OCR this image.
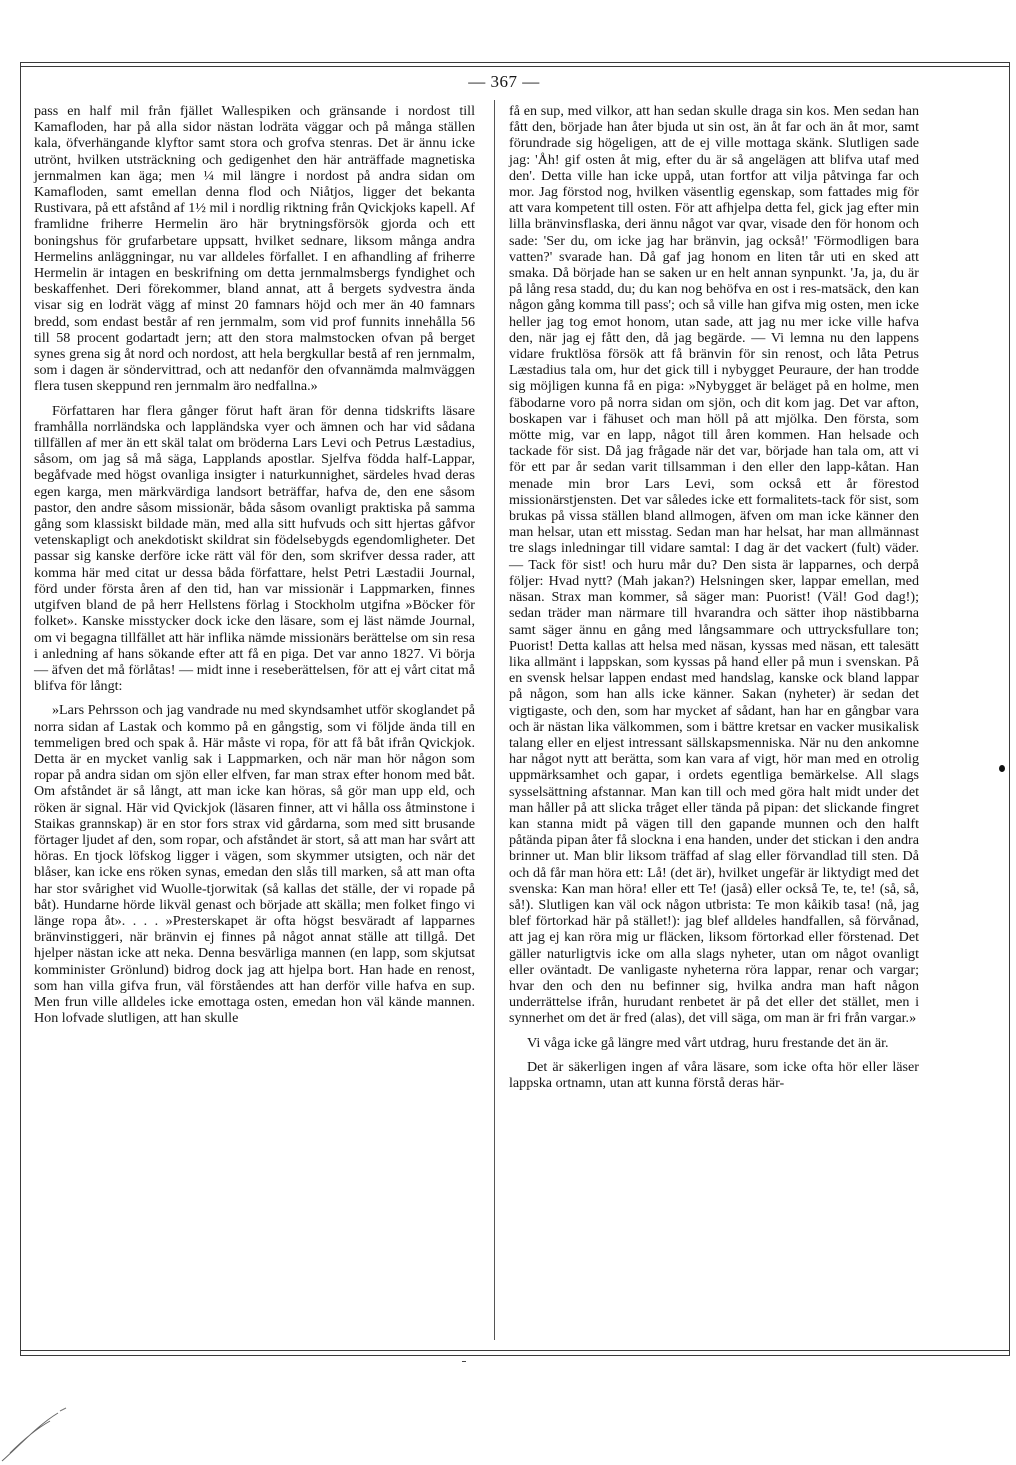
— 367 —

pass en half mil från fjället Wallespiken och gränsande i nordost till Kamafloden, har på alla sidor nästan lodräta väggar och på många ställen kala, öfverhängande klyftor samt stora och grofva stenras. Det är ännu icke utrönt, hvilken utsträckning och gedigenhet den här anträffade magnetiska jernmalmen kan äga; men ¼ mil längre i nordost på andra sidan om Kamafloden, samt emellan denna flod och Niåtjos, ligger det bekanta Rustivara, på ett afstånd af 1½ mil i nordlig riktning från Qvickjoks kapell. Af framlidne friherre Hermelin äro här brytningsförsök gjorda och ett boningshus för grufarbetare uppsatt, hvilket sednare, liksom många andra Hermelins anläggningar, nu var alldeles förfallet. I en afhandling af friherre Hermelin är intagen en beskrifning om detta jernmalmsbergs fyndighet och beskaffenhet. Deri förekommer, bland annat, att å bergets sydvestra ända visar sig en lodrät vägg af minst 20 famnars höjd och mer än 40 famnars bredd, som endast består af ren jernmalm, som vid prof funnits innehålla 56 till 58 procent godartadt jern; att den stora malmstocken ofvan på berget synes grena sig åt nord och nordost, att hela bergkullar bestå af ren jernmalm, som i dagen är söndervittrad, och att nedanför den ofvannämda malmväggen flera tusen skeppund ren jernmalm äro nedfallna.»

Författaren har flera gånger förut haft äran för denna tidskrifts läsare framhålla norrländska och lappländska vyer och ämnen och har vid sådana tillfällen af mer än ett skäl talat om bröderna Lars Levi och Petrus Læstadius, såsom, om jag så må säga, Lapplands apostlar. Sjelfva födda half-Lappar, begåfvade med högst ovanliga insigter i naturkunnighet, särdeles hvad deras egen karga, men märkvärdiga landsort beträffar, hafva de, den ene såsom pastor, den andre såsom missionär, båda såsom ovanligt praktiska på samma gång som klassiskt bildade män, med alla sitt hufvuds och sitt hjertas gåfvor vetenskapligt och anekdotiskt skildrat sin födelsebygds egendomligheter. Det passar sig kanske derföre icke rätt väl för den, som skrifver dessa rader, att komma här med citat ur dessa båda författare, helst Petri Læstadii Journal, förd under första åren af den tid, han var missionär i Lappmarken, finnes utgifven bland de på herr Hellstens förlag i Stockholm utgifna »Böcker för folket». Kanske misstycker dock icke den läsare, som ej läst nämde Journal, om vi begagna tillfället att här inflika nämde missionärs berättelse om sin resa i anledning af hans sökande efter att få en piga. Det var anno 1827. Vi börja — äfven det må förlåtas! — midt inne i reseberättelsen, för att ej vårt citat må blifva för långt:

»Lars Pehrsson och jag vandrade nu med skyndsamhet utför skoglandet på norra sidan af Lastak och kommo på en gångstig, som vi följde ända till en temmeligen bred och spak å. Här måste vi ropa, för att få båt ifrån Qvickjok. Detta är en mycket vanlig sak i Lappmarken, och när man hör någon som ropar på andra sidan om sjön eller elfven, far man strax efter honom med båt. Om afståndet är så långt, att man icke kan höras, så gör man upp eld, och röken är signal. Här vid Qvickjok (läsaren finner, att vi hålla oss åtminstone i Staikas grannskap) är en stor fors strax vid gårdarna, som med sitt brusande förtager ljudet af den, som ropar, och afståndet är stort, så att man har svårt att höras. En tjock löfskog ligger i vägen, som skymmer utsigten, och när det blåser, kan icke ens röken synas, emedan den slås till marken, så att man ofta har stor svårighet vid Wuolle-tjorwitak (så kallas det ställe, der vi ropade på båt). Hundarne hörde likväl genast och började att skälla; men folket fingo vi länge ropa åt». . . . »Presterskapet är ofta högst besväradt af lapparnes bränvinstiggeri, när bränvin ej finnes på något annat ställe att tillgå. Det hjelper nästan icke att neka. Denna besvärliga mannen (en lapp, som skjutsat komminister Grönlund) bidrog dock jag att hjelpa bort. Han hade en renost, som han villa gifva frun, väl förståendes att han derför ville hafva en sup. Men frun ville alldeles icke emottaga osten, emedan hon väl kände mannen. Hon lofvade slutligen, att han skulle

få en sup, med vilkor, att han sedan skulle draga sin kos. Men sedan han fått den, började han åter bjuda ut sin ost, än åt far och än åt mor, samt förundrade sig högeligen, att de ej ville mottaga skänk. Slutligen sade jag: 'Åh! gif osten åt mig, efter du är så angelägen att blifva utaf med den'. Detta ville han icke uppå, utan fortfor att vilja påtvinga far och mor. Jag förstod nog, hvilken väsentlig egenskap, som fattades mig för att vara kompetent till osten. För att afhjelpa detta fel, gick jag efter min lilla bränvinsflaska, deri ännu något var qvar, visade den för honom och sade: 'Ser du, om icke jag har bränvin, jag också!' 'Förmodligen bara vatten?' svarade han. Då gaf jag honom en liten tår uti en sked att smaka. Då började han se saken ur en helt annan synpunkt. 'Ja, ja, du är på lång resa stadd, du; du kan nog behöfva en ost i res-matsäck, den kan någon gång komma till pass'; och så ville han gifva mig osten, men icke heller jag tog emot honom, utan sade, att jag nu mer icke ville hafva den, när jag ej fått den, då jag begärde. — Vi lemna nu den lappens vidare fruktlösa försök att få bränvin för sin renost, och låta Petrus Læstadius tala om, hur det gick till i nybygget Peuraure, der han trodde sig möjligen kunna få en piga: »Nybygget är beläget på en holme, men fäbodarne voro på norra sidan om sjön, och dit kom jag. Det var afton, boskapen var i fähuset och man höll på att mjölka. Den första, som mötte mig, var en lapp, något till åren kommen. Han helsade och tackade för sist. Då jag frågade när det var, började han tala om, att vi för ett par år sedan varit tillsamman i den eller den lapp-kåtan. Han menade min bror Lars Levi, som också ett år förestod missionärstjensten. Det var således icke ett formalitets-tack för sist, som brukas på vissa ställen bland allmogen, äfven om man icke känner den man helsar, utan ett misstag. Sedan man har helsat, har man allmännast tre slags inledningar till vidare samtal: I dag är det vackert (fult) väder. — Tack för sist! och huru mår du? Den sista är lapparnes, och derpå följer: Hvad nytt? (Mah jakan?) Helsningen sker, lappar emellan, med näsan. Strax man kommer, så säger man: Puorist! (Väl! God dag!); sedan träder man närmare till hvarandra och sätter ihop nästibbarna samt säger ännu en gång med långsammare och uttrycksfullare ton; Puorist! Detta kallas att helsa med näsan, kyssas med näsan, ett talesätt lika allmänt i lappskan, som kyssas på hand eller på mun i svenskan. På en svensk helsar lappen endast med handslag, kanske ock bland lappar på någon, som han alls icke känner. Sakan (nyheter) är sedan det vigtigaste, och den, som har mycket af sådant, han har en gångbar vara och är nästan lika välkommen, som i bättre kretsar en vacker musikalisk talang eller en eljest intressant sällskapsmenniska. När nu den ankomne har något nytt att berätta, som kan vara af vigt, hör man med en otrolig uppmärksamhet och gapar, i ordets egentliga bemärkelse. All slags sysselsättning afstannar. Man kan till och med göra halt midt under det man håller på att slicka tråget eller tända på pipan: det slickande fingret kan stanna midt på vägen till den gapande munnen och den halft påtända pipan åter få slockna i ena handen, under det stickan i den andra brinner ut. Man blir liksom träffad af slag eller förvandlad till sten. Då och då får man höra ett: Lå! (det är), hvilket ungefär är liktydigt med det svenska: Kan man höra! eller ett Te! (jaså) eller också Te, te, te! (så, så, så!). Slutligen kan väl ock någon utbrista: Te mon kåikib tasa! (nå, jag blef förtorkad här på stället!): jag blef alldeles handfallen, så förvånad, att jag ej kan röra mig ur fläcken, liksom förtorkad eller förstenad. Det gäller naturligtvis icke om alla slags nyheter, utan om något ovanligt eller oväntadt. De vanligaste nyheterna röra lappar, renar och vargar; hvar den och den nu befinner sig, hvilka andra man haft någon underrättelse ifrån, hurudant renbetet är på det eller det stället, men i synnerhet om det är fred (alas), det vill säga, om man är fri från vargar.»

Vi våga icke gå längre med vårt utdrag, huru frestande det än är.

Det är säkerligen ingen af våra läsare, som icke ofta hör eller läser lappska ortnamn, utan att kunna förstå deras här-
